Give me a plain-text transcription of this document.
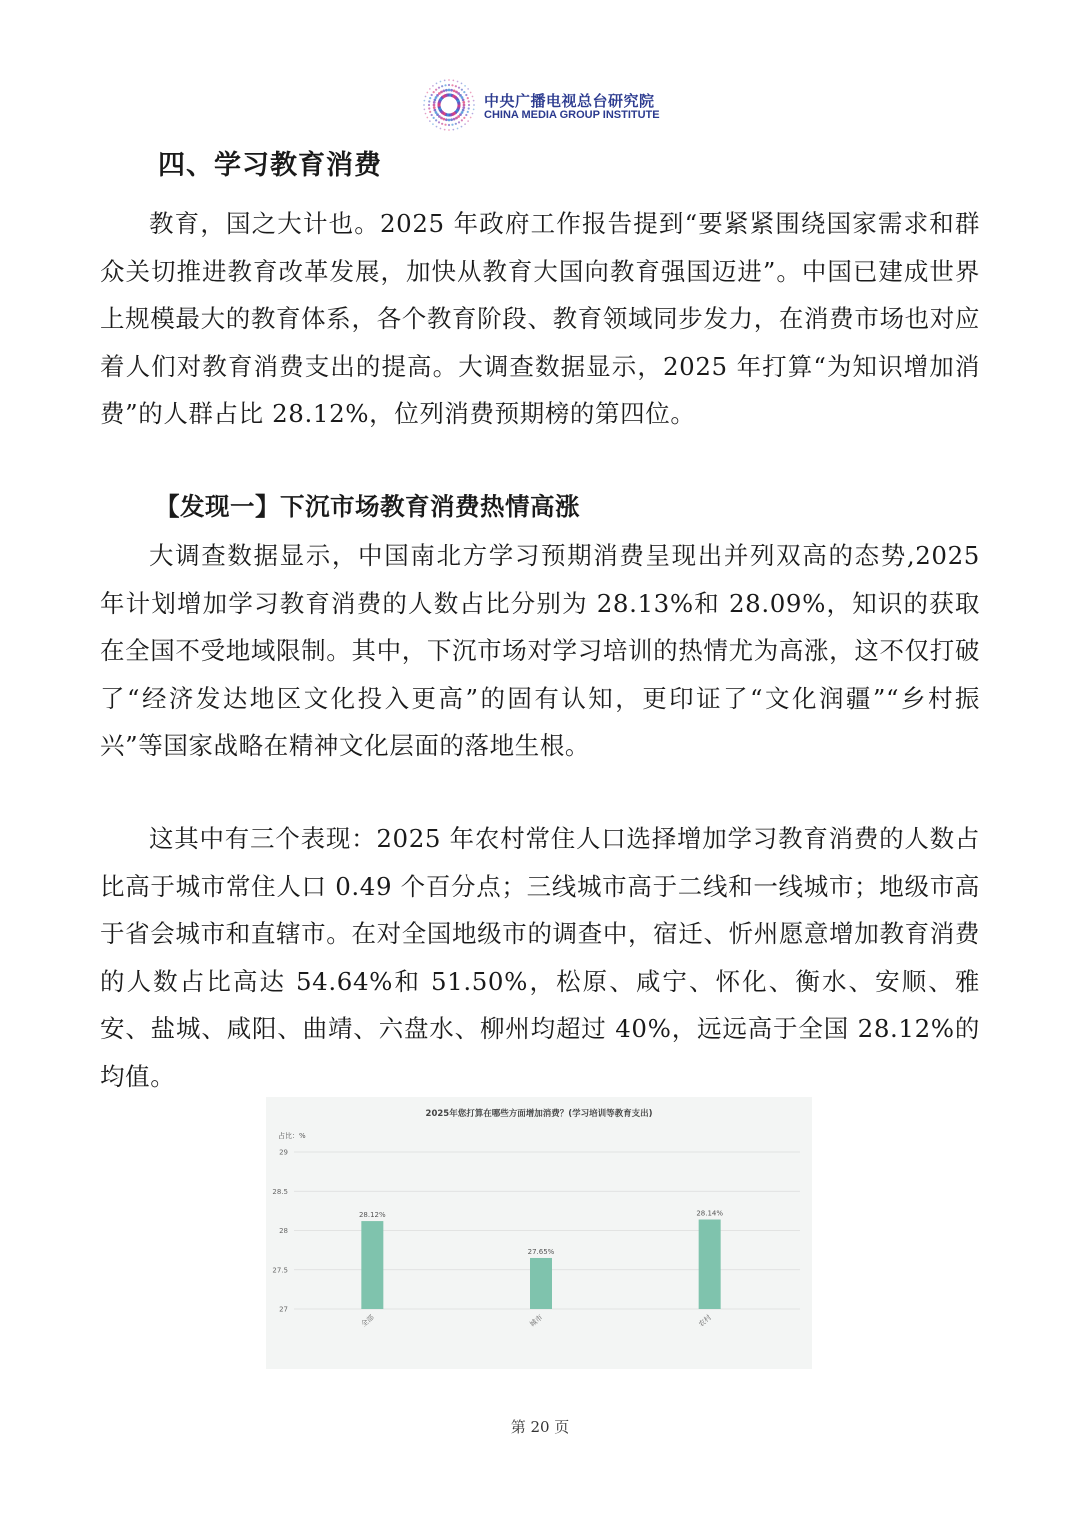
中央广播电视总台研究院
CHINA MEDIA GROUP INSTITUTE
四、学习教育消费

教育，国之大计也。2025 年政府工作报告提到“要紧紧围绕国家需求和群众关切推进教育改革发展，加快从教育大国向教育强国迈进”。中国已建成世界上规模最大的教育体系，各个教育阶段、教育领域同步发力，在消费市场也对应着人们对教育消费支出的提高。大调查数据显示，2025 年打算“为知识增加消费”的人群占比 28.12%，位列消费预期榜的第四位。

【发现一】下沉市场教育消费热情高涨

大调查数据显示，中国南北方学习预期消费呈现出并列双高的态势,2025 年计划增加学习教育消费的人数占比分别为 28.13%和 28.09%，知识的获取在全国不受地域限制。其中，下沉市场对学习培训的热情尤为高涨，这不仅打破了“经济发达地区文化投入更高”的固有认知，更印证了“文化润疆”“乡村振兴”等国家战略在精神文化层面的落地生根。

这其中有三个表现：2025 年农村常住人口选择增加学习教育消费的人数占比高于城市常住人口 0.49 个百分点；三线城市高于二线和一线城市；地级市高于省会城市和直辖市。在对全国地级市的调查中，宿迁、忻州愿意增加教育消费的人数占比高达 54.64%和 51.50%，松原、咸宁、怀化、衡水、安顺、雅安、盐城、咸阳、曲靖、六盘水、柳州均超过 40%，远远高于全国 28.12%的均值。

2025年您打算在哪些方面增加消费？(学习培训等教育支出)
占比：%
29
28.5
28
27.5
27
28.12%
27.65%
28.14%
全部	城市	农村
第 20 页
